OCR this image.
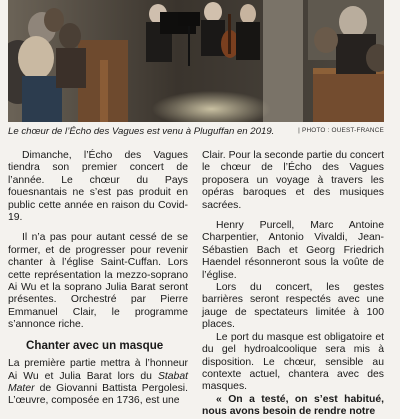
Le chœur de l’Écho des Vagues est venu à Pluguffan en 2019.	| PHOTO : OUEST-FRANCE

Dimanche, l’Écho des Vagues tiendra son premier concert de l’année. Le chœur du Pays fouesnantais ne s’est pas produit en public cette année en raison du Covid-19.

Il n’a pas pour autant cessé de se former, et de progresser pour revenir chanter à l’église Saint-Cuffan. Lors cette représentation la mezzo-soprano Ai Wu et la soprano Julia Barat seront présentes. Orchestré par Pierre Emmanuel Clair, le programme s’annonce riche.

Chanter avec un masque

La première partie mettra à l’honneur Ai Wu et Julia Barat lors du Stabat Mater de Giovanni Battista Pergolesi. L’œuvre, composée en 1736, est une

Clair. Pour la seconde partie du concert le chœur de l’Écho des Vagues proposera un voyage à travers les opéras baroques et des musiques sacrées.

Henry Purcell, Marc Antoine Charpentier, Antonio Vivaldi, Jean-Sébastien Bach et Georg Friedrich Haendel résonneront sous la voûte de l’église.

Lors du concert, les gestes barrières seront respectés avec une jauge de spectateurs limitée à 100 places.

Le port du masque est obligatoire et du gel hydroalcoolique sera mis à disposition. Le chœur, sensible au contexte actuel, chantera avec des masques.

« On a testé, on s’est habitué, nous avons besoin de rendre notre
